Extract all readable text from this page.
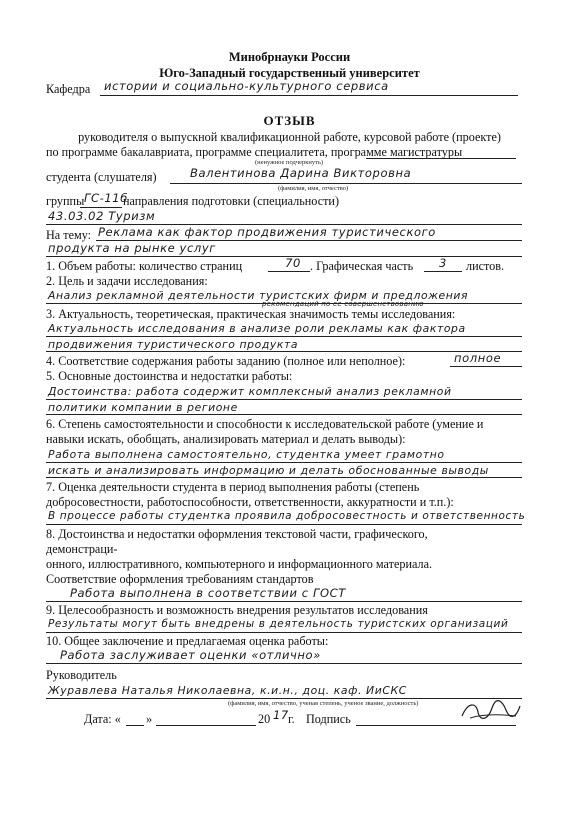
Минобрнауки России
Юго-Западный государственный университет
Кафедра истории и социально-культурного сервиса
ОТЗЫВ
руководителя о выпускной квалификационной работе, курсовой работе (проекте)
по программе бакалавриата, программе специалитета, программе магистратуры
(ненужное подчеркнуть)
студента (слушателя)	Валентинова Дарина Викторовна
(фамилия, имя, отчество)
группы ГС-11б
направления подготовки (специальности)
43.03.02 Туризм
На тему: Реклама как фактор продвижения туристического
продукта на рынке услуг
1. Объем работы: количество страниц	70 . Графическая часть	3	листов.
2. Цель и задачи исследования:
Анализ рекламной деятельности туристских фирм и предложения
рекомендаций по ее совершенствованию
3. Актуальность, теоретическая, практическая значимость темы исследования:
Актуальность исследования в анализе роли рекламы как фактора
продвижения туристического продукта
4. Соответствие содержания работы заданию (полное или неполное):	полное
5. Основные достоинства и недостатки работы:
Достоинства: работа содержит комплексный анализ рекламной
политики компании в регионе
6. Степень самостоятельности и способности к исследовательской работе (умение и
навыки искать, обобщать, анализировать материал и делать выводы):
Работа выполнена самостоятельно, студентка умеет грамотно
искать и анализировать информацию и делать обоснованные выводы
7. Оценка деятельности студента в период выполнения работы (степень
добросовестности, работоспособности, ответственности, аккуратности и т.п.):
В процессе работы студентка проявила добросовестность и ответственность
8. Достоинства и недостатки оформления текстовой части, графического,
демонстраци-
онного, иллюстративного, компьютерного и информационного материала.
Соответствие оформления требованиям стандартов
Работа выполнена в соответствии с ГОСТ
9. Целесообразность и возможность внедрения результатов исследования
Результаты могут быть внедрены в деятельность туристских организаций
10. Общее заключение и предлагаемая оценка работы:
Работа заслуживает оценки «отлично»
Руководитель
Журавлева Наталья Николаевна, к.и.н., доц. каф. ИиСКС
(фамилия, имя, отчество, ученая степень, ученое звание, должность)
Дата: « »	20 17 г. Подпись
